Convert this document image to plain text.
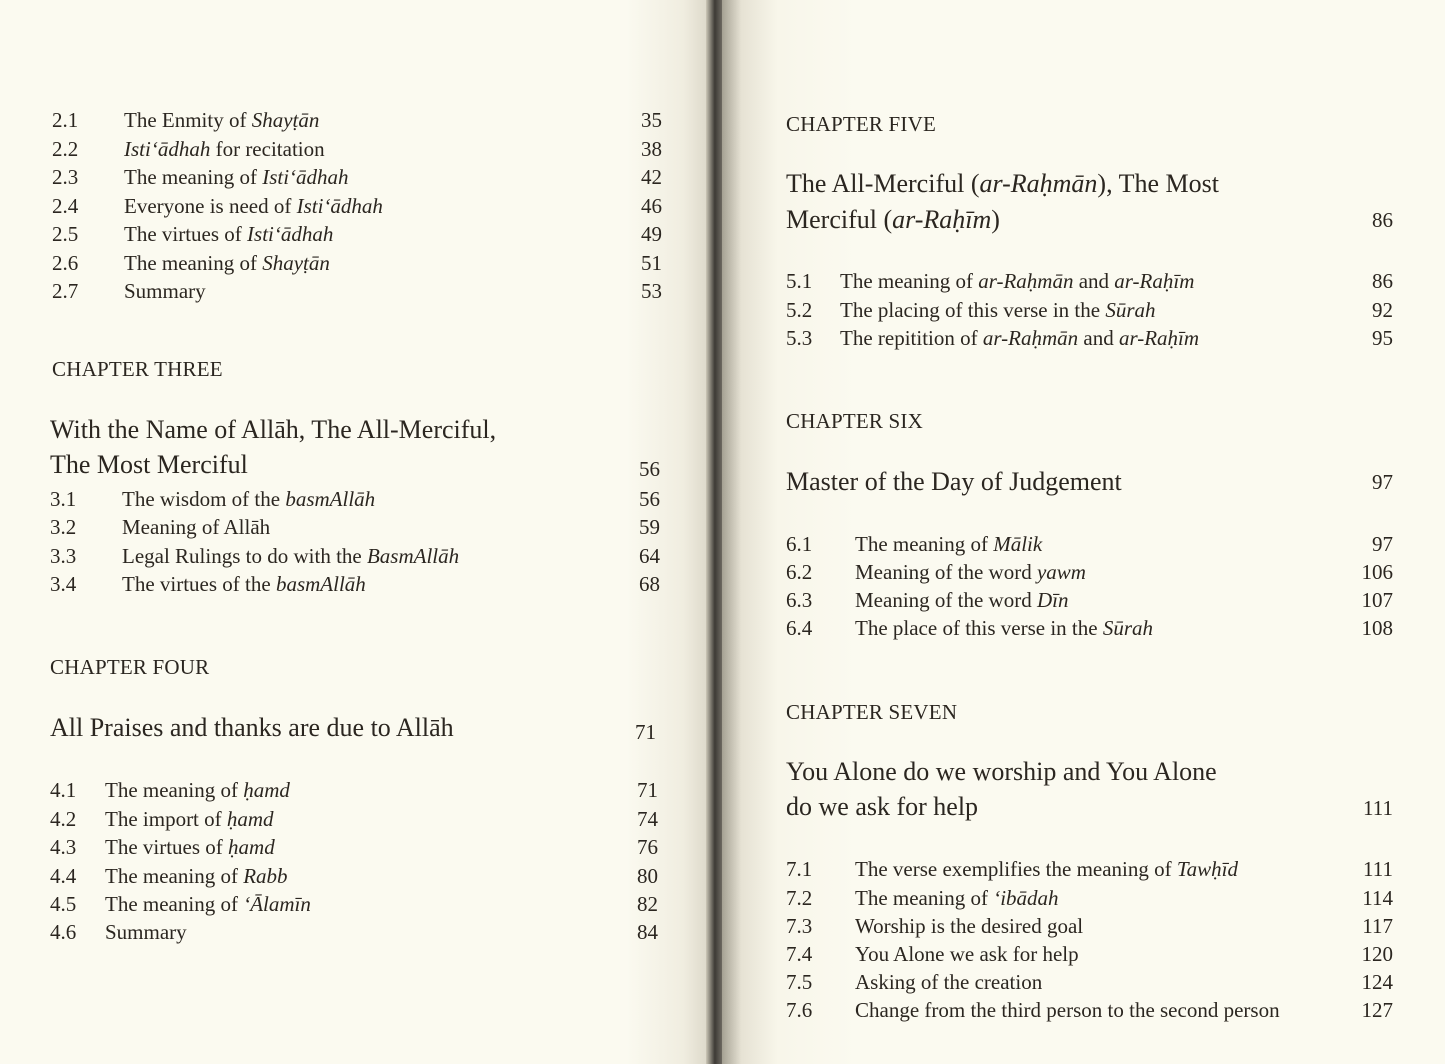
2.1 The Enmity of Shayṭān	35
2.2 Isti‘ādhah for recitation	38
2.3 The meaning of Isti‘ādhah	42
2.4 Everyone is need of Isti‘ādhah	46
2.5 The virtues of Isti‘ādhah	49
2.6 The meaning of Shayṭān	51
2.7 Summary	53
CHAPTER THREE
With the Name of Allāh, The All-Merciful,
The Most Merciful	56
3.1 The wisdom of the basmAllāh	56
3.2 Meaning of Allāh	59
3.3 Legal Rulings to do with the BasmAllāh	64
3.4 The virtues of the basmAllāh	68
CHAPTER FOUR
All Praises and thanks are due to Allāh	71
4.1 The meaning of ḥamd	71
4.2 The import of ḥamd	74
4.3 The virtues of ḥamd	76
4.4 The meaning of Rabb	80
4.5 The meaning of ‘Ālamīn	82
4.6 Summary	84
CHAPTER FIVE
The All-Merciful (ar-Raḥmān), The Most
Merciful (ar-Raḥīm)	86
5.1 The meaning of ar-Raḥmān and ar-Raḥīm	86
5.2 The placing of this verse in the Sūrah	92
5.3 The repitition of ar-Raḥmān and ar-Raḥīm	95
CHAPTER SIX
Master of the Day of Judgement	97
6.1 The meaning of Mālik	97
6.2 Meaning of the word yawm	106
6.3 Meaning of the word Dīn	107
6.4 The place of this verse in the Sūrah	108
CHAPTER SEVEN
You Alone do we worship and You Alone
do we ask for help	111
7.1 The verse exemplifies the meaning of Tawḥīd	111
7.2 The meaning of ‘ibādah	114
7.3 Worship is the desired goal	117
7.4 You Alone we ask for help	120
7.5 Asking of the creation	124
7.6 Change from the third person to the second person	127
